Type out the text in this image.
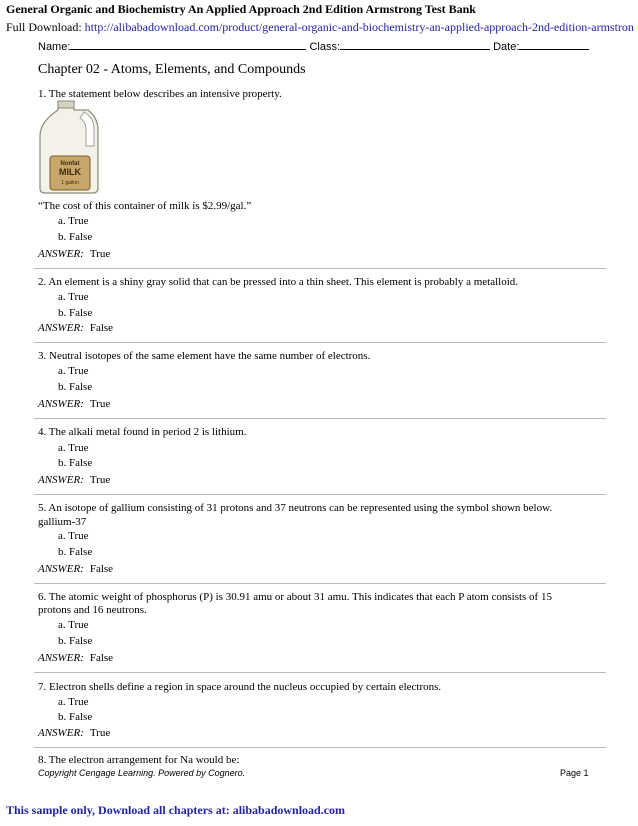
General Organic and Biochemistry An Applied Approach 2nd Edition Armstrong Test Bank
Full Download: http://alibabadownload.com/product/general-organic-and-biochemistry-an-applied-approach-2nd-edition-armstron
Name:	Class:	Date:
Chapter 02 - Atoms, Elements, and Compounds
1. The statement below describes an intensive property.
Nonfat
MILK
1 gallon
“The cost of this container of milk is $2.99/gal.”
a. True
b. False
ANSWER: True
2. An element is a shiny gray solid that can be pressed into a thin sheet. This element is probably a metalloid.
a. True
b. False
ANSWER: False
3. Neutral isotopes of the same element have the same number of electrons.
a. True
b. False
ANSWER: True
4. The alkali metal found in period 2 is lithium.
a. True
b. False
ANSWER: True
5. An isotope of gallium consisting of 31 protons and 37 neutrons can be represented using the symbol shown below.
gallium-37
a. True
b. False
ANSWER: False
6. The atomic weight of phosphorus (P) is 30.91 amu or about 31 amu. This indicates that each P atom consists of 15
protons and 16 neutrons.
a. True
b. False
ANSWER: False
7. Electron shells define a region in space around the nucleus occupied by certain electrons.
a. True
b. False
ANSWER: True
8. The electron arrangement for Na would be:
Copyright Cengage Learning. Powered by Cognero.	Page 1
This sample only, Download all chapters at: alibabadownload.com
